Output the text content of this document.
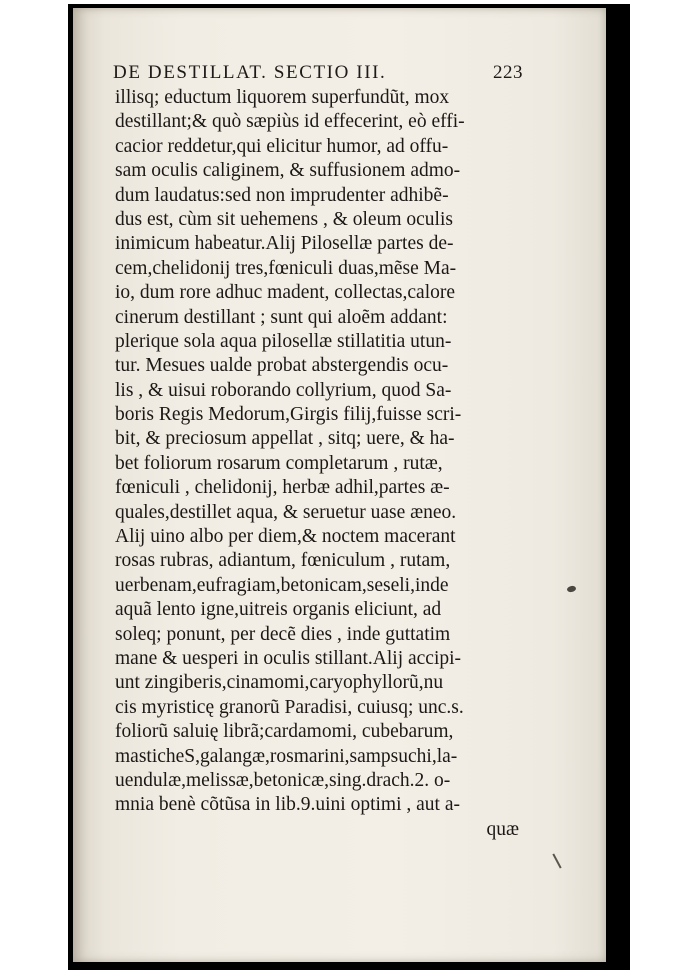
DE DESTILLAT. SECTIO III.	223
illisq; eductum liquorem superfundũt, mox
destillant;& quò sæpiùs id effecerint, eò effi-
cacior reddetur,qui elicitur humor, ad offu-
sam oculis caliginem, & suffusionem admo-
dum laudatus:sed non imprudenter adhibẽ-
dus est, cùm sit uehemens , & oleum oculis
inimicum habeatur.Alij Pilosellæ partes de-
cem,chelidonij tres,fœniculi duas,mẽse Ma-
io, dum rore adhuc madent, collectas,calore
cinerum destillant ; sunt qui aloẽm addant:
plerique sola aqua pilosellæ stillatitia utun-
tur. Mesues ualde probat abstergendis ocu-
lis , & uisui roborando collyrium, quod Sa-
boris Regis Medorum,Girgis filij,fuisse scri-
bit, & preciosum appellat , sitq; uere, & ha-
bet foliorum rosarum completarum , rutæ,
fœniculi , chelidonij, herbæ adhil,partes æ-
quales,destillet aqua, & seruetur uase æneo.
Alij uino albo per diem,& noctem macerant
rosas rubras, adiantum, fœniculum , rutam,
uerbenam,eufragiam,betonicam,seseli,inde
aquã lento igne,uitreis organis eliciunt, ad
soleq; ponunt, per decẽ dies , inde guttatim
mane & uesperi in oculis stillant.Alij accipi-
unt zingiberis,cinamomi,caryophyllorũ,nu
cis myristicę granorũ Paradisi, cuiusq; unc.s.
foliorũ saluię librã;cardamomi, cubebarum,
masticheS,galangæ,rosmarini,sampsuchi,la-
uendulæ,melissæ,betonicæ,sing.drach.2. o-
mnia benè cõtũsa in lib.9.uini optimi , aut a-
quæ
